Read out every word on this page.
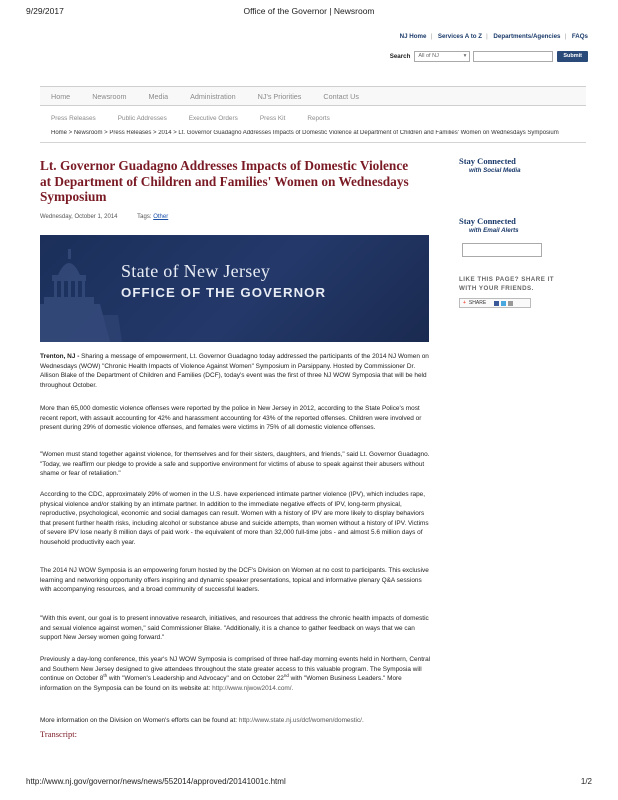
9/29/2017	Office of the Governor | Newsroom
NJ Home | Services A to Z | Departments/Agencies | FAQs
Search	All of NJ	▾	Submit
Home	Newsroom	Media	Administration	NJ's Priorities	Contact Us
Press Releases	Public Addresses	Executive Orders	Press Kit	Reports
Home > Newsroom > Press Releases > 2014 > Lt. Governor Guadagno Addresses Impacts of Domestic Violence at Department of Children and Families' Women on Wednesdays Symposium
Lt. Governor Guadagno Addresses Impacts of Domestic Violence at Department of Children and Families' Women on Wednesdays Symposium
Wednesday, October 1, 2014	Tags: Other
State of New Jersey
OFFICE OF THE GOVERNOR

Trenton, NJ - Sharing a message of empowerment, Lt. Governor Guadagno today addressed the participants of the 2014 NJ Women on Wednesdays (WOW) "Chronic Health Impacts of Violence Against Women" Symposium in Parsippany. Hosted by Commissioner Dr. Allison Blake of the Department of Children and Families (DCF), today's event was the first of three NJ WOW Symposia that will be held throughout October.

More than 65,000 domestic violence offenses were reported by the police in New Jersey in 2012, according to the State Police's most recent report, with assault accounting for 42% and harassment accounting for 43% of the reported offenses. Children were involved or present during 29% of domestic violence offenses, and females were victims in 75% of all domestic violence offenses.

"Women must stand together against violence, for themselves and for their sisters, daughters, and friends," said Lt. Governor Guadagno. "Today, we reaffirm our pledge to provide a safe and supportive environment for victims of abuse to speak against their abusers without shame or fear of retaliation."

According to the CDC, approximately 29% of women in the U.S. have experienced intimate partner violence (IPV), which includes rape, physical violence and/or stalking by an intimate partner. In addition to the immediate negative effects of IPV, long-term physical, reproductive, psychological, economic and social damages can result. Women with a history of IPV are more likely to display behaviors that present further health risks, including alcohol or substance abuse and suicide attempts, than women without a history of IPV. Victims of severe IPV lose nearly 8 million days of paid work - the equivalent of more than 32,000 full-time jobs - and almost 5.6 million days of household productivity each year.

The 2014 NJ WOW Symposia is an empowering forum hosted by the DCF's Division on Women at no cost to participants. This exclusive learning and networking opportunity offers inspiring and dynamic speaker presentations, topical and informative plenary Q&A sessions with accompanying resources, and a broad community of successful leaders.

"With this event, our goal is to present innovative research, initiatives, and resources that address the chronic health impacts of domestic and sexual violence against women," said Commissioner Blake. "Additionally, it is a chance to gather feedback on ways that we can support New Jersey women going forward."

Previously a day-long conference, this year's NJ WOW Symposia is comprised of three half-day morning events held in Northern, Central and Southern New Jersey designed to give attendees throughout the state greater access to this valuable program. The Symposia will continue on October 8th with "Women's Leadership and Advocacy" and on October 22nd with "Women Business Leaders." More information on the Symposia can be found on its website at: http://www.njwow2014.com/.

More information on the Division on Women's efforts can be found at: http://www.state.nj.us/dcf/women/domestic/.

Transcript:
Stay Connected
with Social Media
Stay Connected
with Email Alerts
LIKE THIS PAGE? SHARE IT
WITH YOUR FRIENDS.
+ SHARE
http://www.nj.gov/governor/news/news/552014/approved/20141001c.html	1/2
